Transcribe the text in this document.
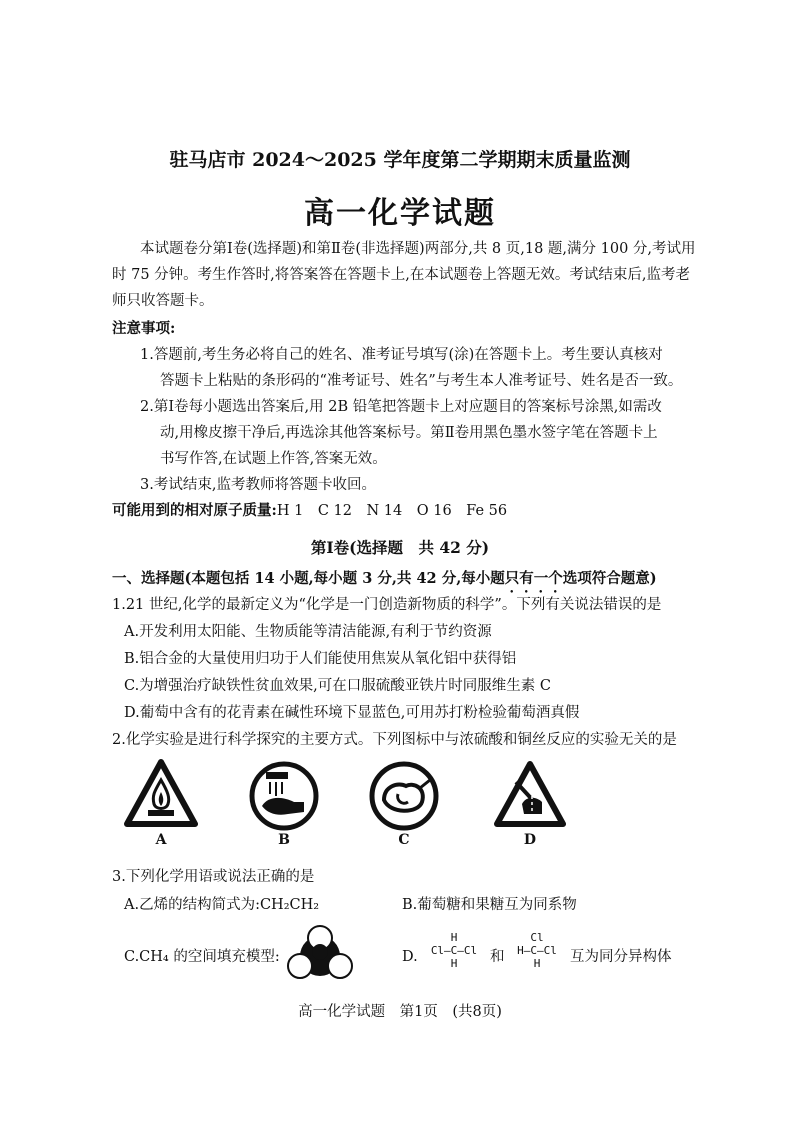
驻马店市 2024～2025 学年度第二学期期末质量监测
高一化学试题
本试题卷分第Ⅰ卷(选择题)和第Ⅱ卷(非选择题)两部分,共 8 页,18 题,满分 100 分,考试用时 75 分钟。考生作答时,将答案答在答题卡上,在本试题卷上答题无效。考试结束后,监考老师只收答题卡。
注意事项:
1.答题前,考生务必将自己的姓名、准考证号填写(涂)在答题卡上。考生要认真核对
答题卡上粘贴的条形码的“准考证号、姓名”与考生本人准考证号、姓名是否一致。
2.第Ⅰ卷每小题选出答案后,用 2B 铅笔把答题卡上对应题目的答案标号涂黑,如需改
动,用橡皮擦干净后,再选涂其他答案标号。第Ⅱ卷用黑色墨水签字笔在答题卡上
书写作答,在试题上作答,答案无效。
3.考试结束,监考教师将答题卡收回。
可能用到的相对原子质量:H 1　C 12　N 14　O 16　Fe 56
第Ⅰ卷(选择题　共 42 分)
一、选择题(本题包括 14 小题,每小题 3 分,共 42 分,每小题只有一个选项符合题意)
1.21 世纪,化学的最新定义为“化学是一门创造新物质的科学”。下列有关说法错误的是
A.开发利用太阳能、生物质能等清洁能源,有利于节约资源
B.铝合金的大量使用归功于人们能使用焦炭从氧化铝中获得铝
C.为增强治疗缺铁性贫血效果,可在口服硫酸亚铁片时同服维生素 C
D.葡萄中含有的花青素在碱性环境下显蓝色,可用苏打粉检验葡萄酒真假
2.化学实验是进行科学探究的主要方式。下列图标中与浓硫酸和铜丝反应的实验无关的是
A	B	C	D
3.下列化学用语或说法正确的是
A.乙烯的结构简式为:CH₂CH₂	B.葡萄糖和果糖互为同系物
C.CH₄ 的空间填充模型:	D.
H
Cl—C—Cl
H	和
Cl
H—C—Cl
H	互为同分异构体
高一化学试题　第1页　(共8页)
